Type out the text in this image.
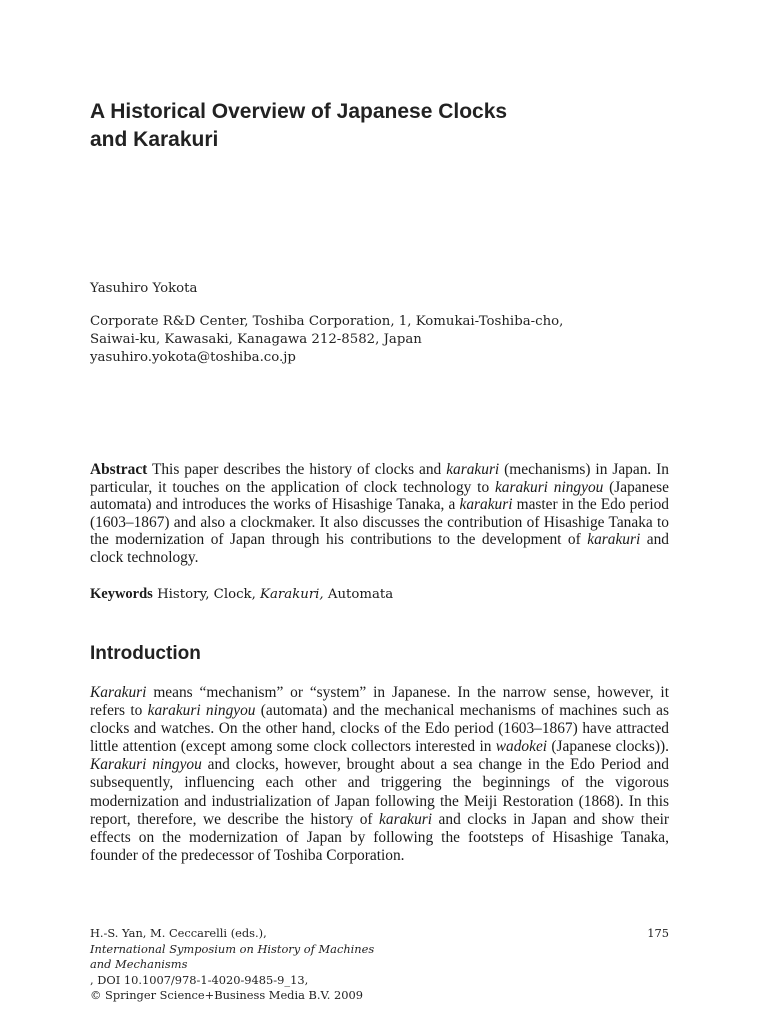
A Historical Overview of Japanese Clocks
and Karakuri

Yasuhiro Yokota

Corporate R&D Center, Toshiba Corporation, 1, Komukai-Toshiba-cho,
Saiwai-ku, Kawasaki, Kanagawa 212-8582, Japan
yasuhiro.yokota@toshiba.co.jp

Abstract This paper describes the history of clocks and karakuri (mechanisms) in Japan. In particular, it touches on the application of clock technology to karakuri ningyou (Japanese automata) and introduces the works of Hisashige Tanaka, a karakuri master in the Edo period (1603–1867) and also a clockmaker. It also discusses the contribution of Hisashige Tanaka to the modernization of Japan through his contributions to the development of karakuri and clock technology.

Keywords History, Clock, Karakuri, Automata

Introduction

Karakuri means “mechanism” or “system” in Japanese. In the narrow sense, however, it refers to karakuri ningyou (automata) and the mechanical mechanisms of machines such as clocks and watches. On the other hand, clocks of the Edo period (1603–1867) have attracted little attention (except among some clock collectors interested in wadokei (Japanese clocks)). Karakuri ningyou and clocks, however, brought about a sea change in the Edo Period and subsequently, influencing each other and triggering the beginnings of the vigorous modernization and industrialization of Japan following the Meiji Restoration (1868). In this report, therefore, we describe the history of karakuri and clocks in Japan and show their effects on the modernization of Japan by following the footsteps of Hisashige Tanaka, founder of the predecessor of Toshiba Corporation.

H.-S. Yan, M. Ceccarelli (eds.),
International Symposium on History of Machines
and Mechanisms
, DOI 10.1007/978-1-4020-9485-9_13,
© Springer Science+Business Media B.V. 2009

175
